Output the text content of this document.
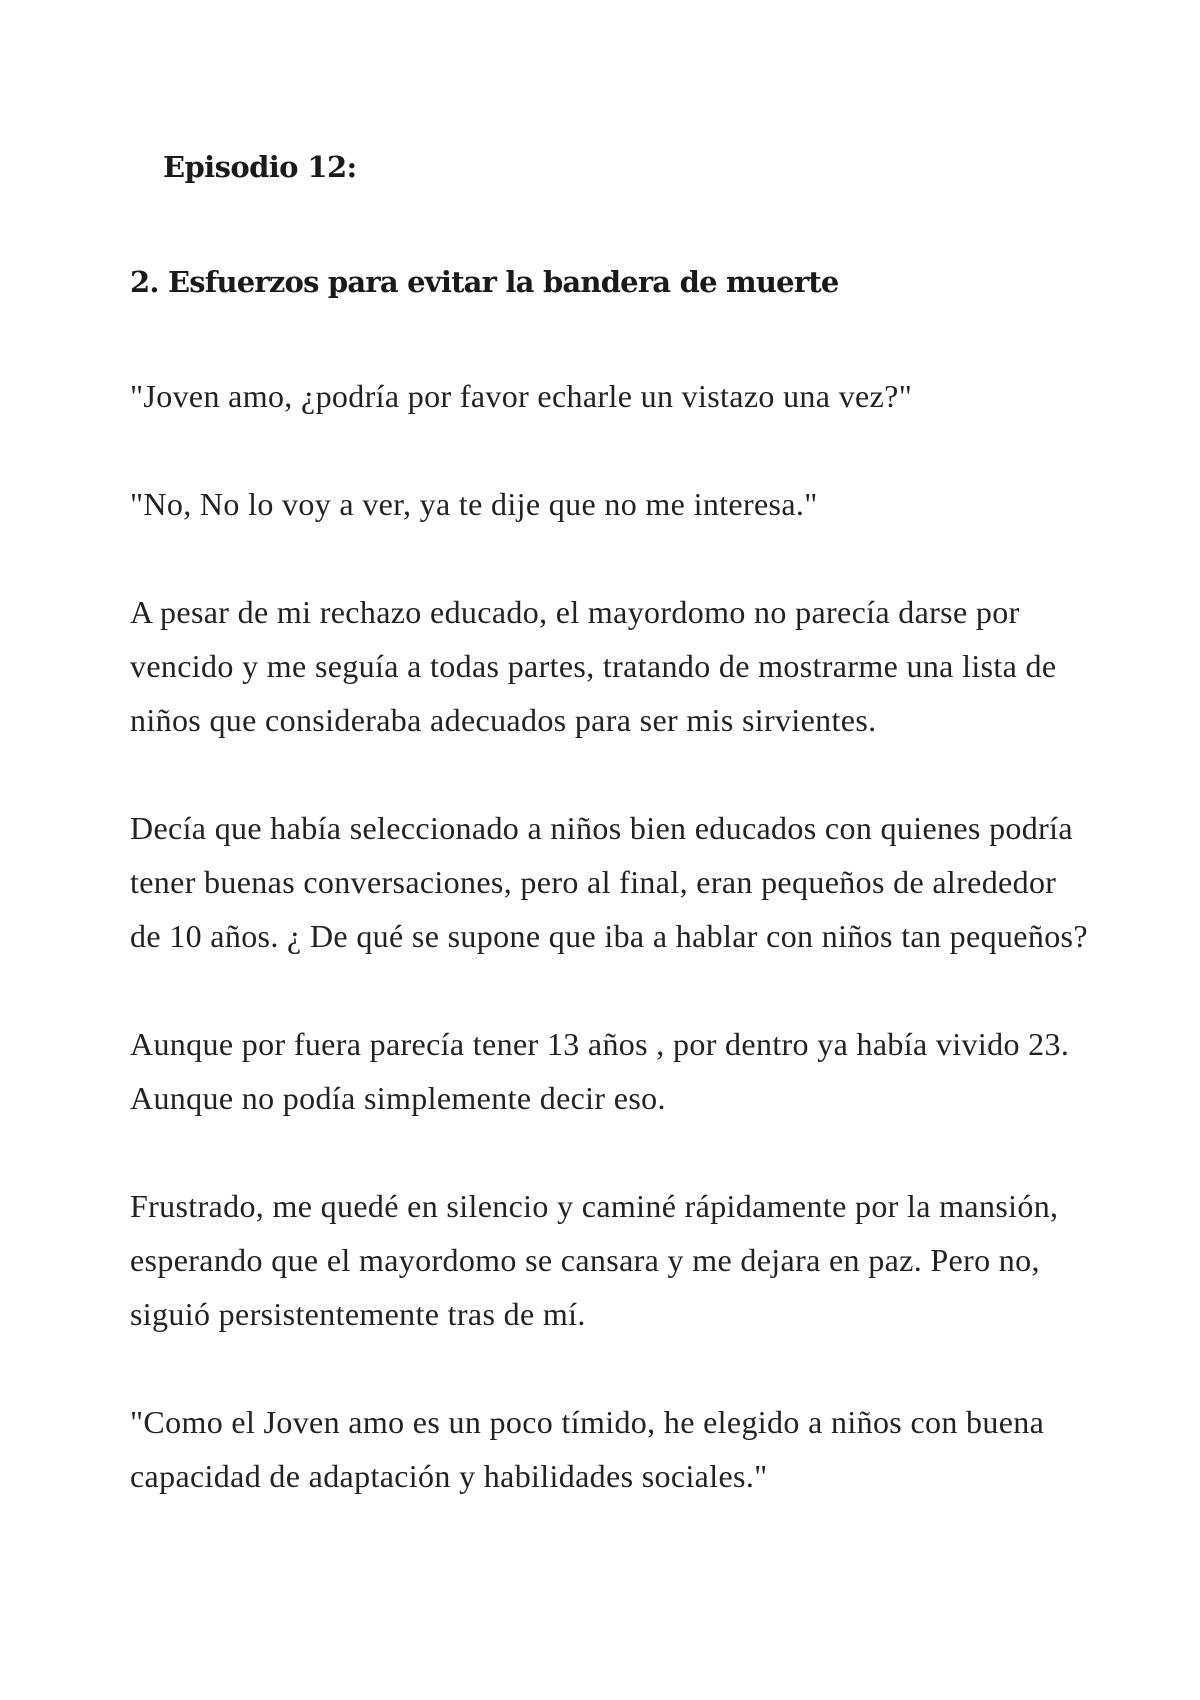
Episodio 12:
2. Esfuerzos para evitar la bandera de muerte

"Joven amo, ¿podría por favor echarle un vistazo una vez?"

"No, No lo voy a ver, ya te dije que no me interesa."

A pesar de mi rechazo educado, el mayordomo no parecía darse por vencido y me seguía a todas partes, tratando de mostrarme una lista de niños que consideraba adecuados para ser mis sirvientes.

Decía que había seleccionado a niños bien educados con quienes podría tener buenas conversaciones, pero al final, eran pequeños de alrededor de 10 años. ¿ De qué se supone que iba a hablar con niños tan pequeños?

Aunque por fuera parecía tener 13 años , por dentro ya había vivido 23. Aunque no podía simplemente decir eso.

Frustrado, me quedé en silencio y caminé rápidamente por la mansión, esperando que el mayordomo se cansara y me dejara en paz. Pero no, siguió persistentemente tras de mí.

"Como el Joven amo es un poco tímido, he elegido a niños con buena capacidad de adaptación y habilidades sociales."
